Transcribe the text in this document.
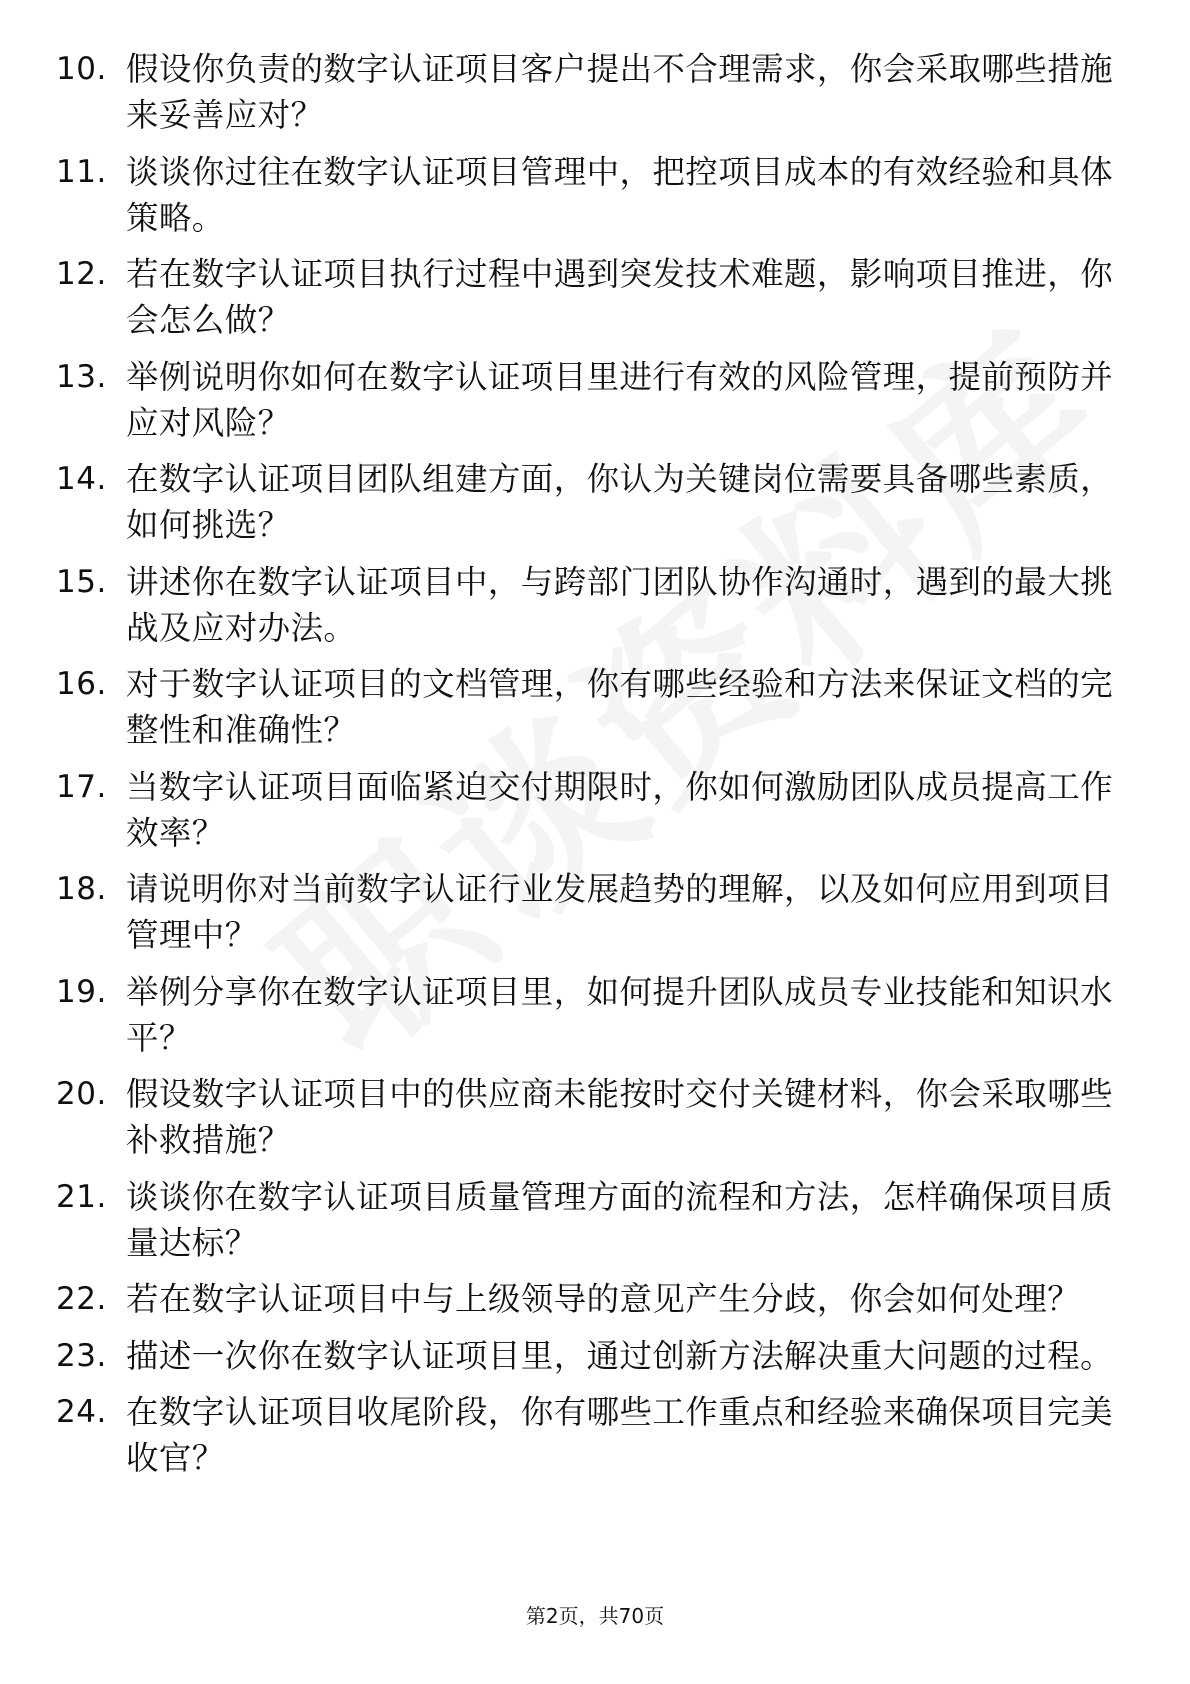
10. 假设你负责的数字认证项目客户提出不合理需求，你会采取哪些措施来妥善应对？
11. 谈谈你过往在数字认证项目管理中，把控项目成本的有效经验和具体策略。
12. 若在数字认证项目执行过程中遇到突发技术难题，影响项目推进，你会怎么做？
13. 举例说明你如何在数字认证项目里进行有效的风险管理，提前预防并应对风险？
14. 在数字认证项目团队组建方面，你认为关键岗位需要具备哪些素质，如何挑选？
15. 讲述你在数字认证项目中，与跨部门团队协作沟通时，遇到的最大挑战及应对办法。
16. 对于数字认证项目的文档管理，你有哪些经验和方法来保证文档的完整性和准确性？
17. 当数字认证项目面临紧迫交付期限时，你如何激励团队成员提高工作效率？
18. 请说明你对当前数字认证行业发展趋势的理解，以及如何应用到项目管理中？
19. 举例分享你在数字认证项目里，如何提升团队成员专业技能和知识水平？
20. 假设数字认证项目中的供应商未能按时交付关键材料，你会采取哪些补救措施？
21. 谈谈你在数字认证项目质量管理方面的流程和方法，怎样确保项目质量达标？
22. 若在数字认证项目中与上级领导的意见产生分歧，你会如何处理？
23. 描述一次你在数字认证项目里，通过创新方法解决重大问题的过程。
24. 在数字认证项目收尾阶段，你有哪些工作重点和经验来确保项目完美收官？
第2页，共70页
